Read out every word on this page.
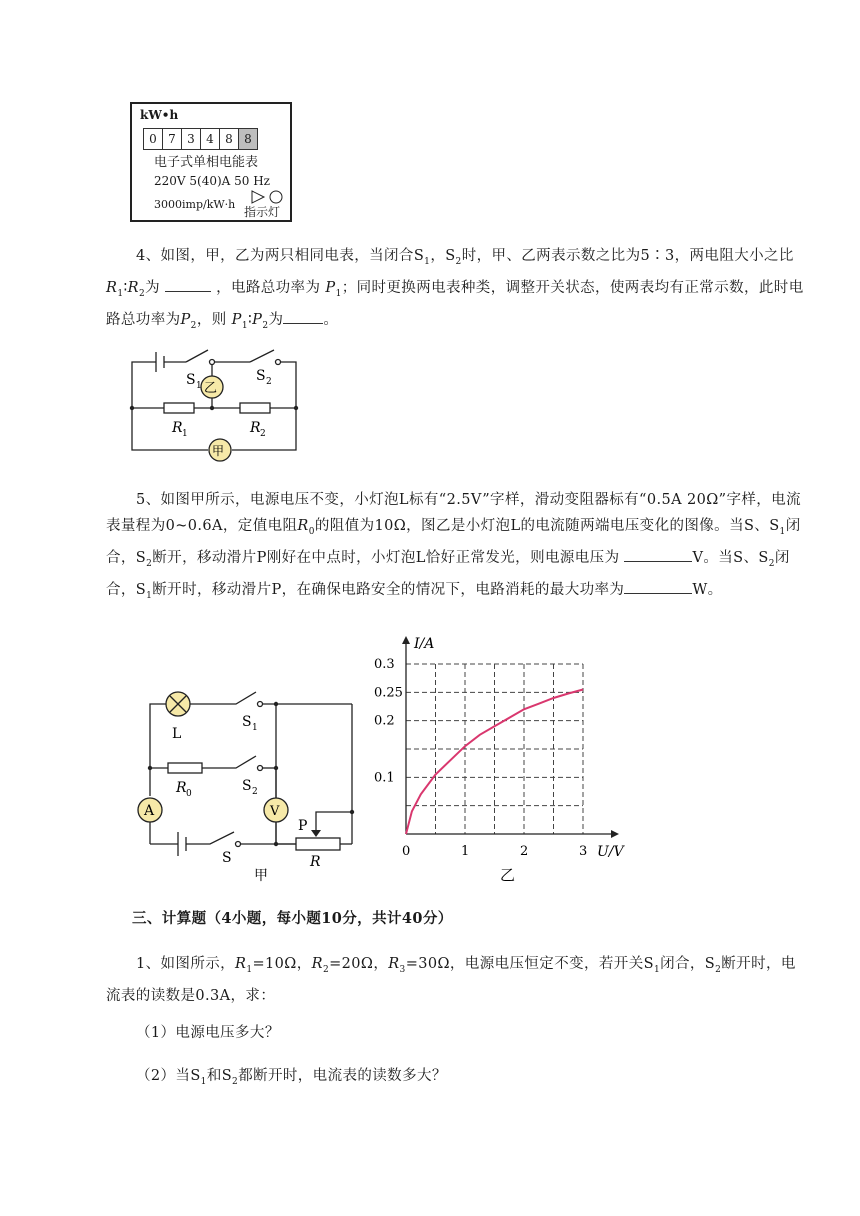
kW•h
0 7 3 4 8 8
电子式单相电能表
220V 5(40)A 50 Hz
3000imp/kW·h
指示灯
4、如图，甲，乙为两只相同电表，当闭合$S_1$，$S_2$时，甲、乙两表示数之比为5∶3，两电阻大小之比 $R_1∶R_2$为	，电路总功率为 $P_1$；同时更换两电表种类，调整开关状态，使两表均有正常示数，此时电路总功率为$P_2$，则 $P_1∶P_2$为	。
乙
甲
S 1
S 2
R 1	R 2
5、如图甲所示，电源电压不变，小灯泡L标有“2.5V”字样，滑动变阻器标有“0.5A 20Ω”字样，电流表量程为0~0.6A，定值电阻$R_0$的阻值为10Ω，图乙是小灯泡L的电流随两端电压变化的图像。当S、$S_1$闭合，$S_2$断开，移动滑片P刚好在中点时，小灯泡L恰好正常发光，则电源电压为	V。当S、$S_2$闭合，$S_1$断开时，移动滑片P，在确保电路安全的情况下，电路消耗的最大功率为	W。
A	V
L
S 1
S 2
R 0
S
P
R
甲
0	1	2	3
0.1
0.2
0.25
0.3
U/V
I/A
乙
三、计算题（4小题，每小题10分，共计40分）
1、如图所示，$R_1=10\Omega$，$R_2=20\Omega$，$R_3=30\Omega$，电源电压恒定不变，若开关$S_1$闭合，$S_2$断开时，电流表的读数是0.3A，求：
（1）电源电压多大？
（2）当$S_1$和$S_2$都断开时，电流表的读数多大？
